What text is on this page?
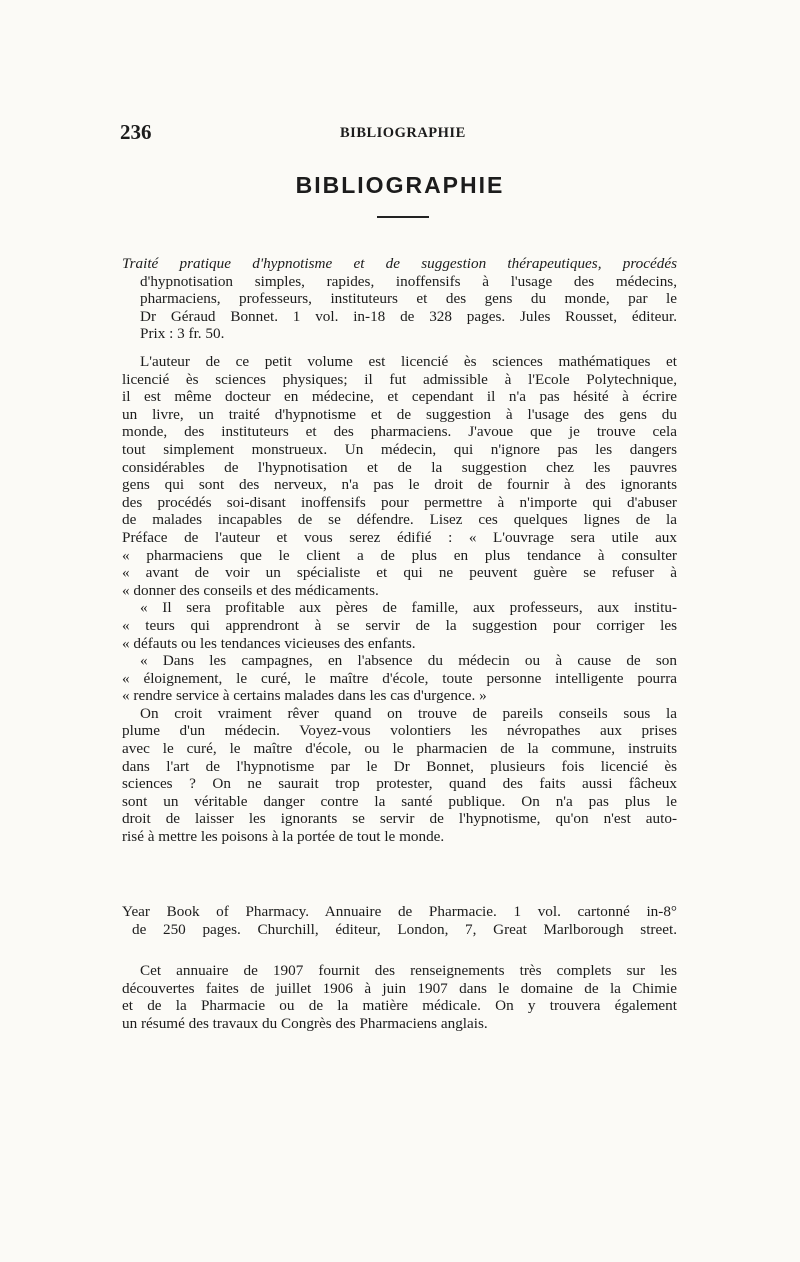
236	BIBLIOGRAPHIE
BIBLIOGRAPHIE
Traité pratique d'hypnotisme et de suggestion thérapeutiques, procédés
d'hypnotisation simples, rapides, inoffensifs à l'usage des médecins,
pharmaciens, professeurs, instituteurs et des gens du monde, par le
Dr Géraud Bonnet. 1 vol. in-18 de 328 pages. Jules Rousset, éditeur.
Prix : 3 fr. 50.
L'auteur de ce petit volume est licencié ès sciences mathématiques et
licencié ès sciences physiques; il fut admissible à l'Ecole Polytechnique,
il est même docteur en médecine, et cependant il n'a pas hésité à écrire
un livre, un traité d'hypnotisme et de suggestion à l'usage des gens du
monde, des instituteurs et des pharmaciens. J'avoue que je trouve cela
tout simplement monstrueux. Un médecin, qui n'ignore pas les dangers
considérables de l'hypnotisation et de la suggestion chez les pauvres
gens qui sont des nerveux, n'a pas le droit de fournir à des ignorants
des procédés soi-disant inoffensifs pour permettre à n'importe qui d'abuser
de malades incapables de se défendre. Lisez ces quelques lignes de la
Préface de l'auteur et vous serez édifié : « L'ouvrage sera utile aux
« pharmaciens que le client a de plus en plus tendance à consulter
« avant de voir un spécialiste et qui ne peuvent guère se refuser à
« donner des conseils et des médicaments.
« Il sera profitable aux pères de famille, aux professeurs, aux institu-
« teurs qui apprendront à se servir de la suggestion pour corriger les
« défauts ou les tendances vicieuses des enfants.
« Dans les campagnes, en l'absence du médecin ou à cause de son
« éloignement, le curé, le maître d'école, toute personne intelligente pourra
« rendre service à certains malades dans les cas d'urgence. »
On croit vraiment rêver quand on trouve de pareils conseils sous la
plume d'un médecin. Voyez-vous volontiers les névropathes aux prises
avec le curé, le maître d'école, ou le pharmacien de la commune, instruits
dans l'art de l'hypnotisme par le Dr Bonnet, plusieurs fois licencié ès
sciences ? On ne saurait trop protester, quand des faits aussi fâcheux
sont un véritable danger contre la santé publique. On n'a pas plus le
droit de laisser les ignorants se servir de l'hypnotisme, qu'on n'est auto-
risé à mettre les poisons à la portée de tout le monde.
Year Book of Pharmacy. Annuaire de Pharmacie. 1 vol. cartonné in-8°
de 250 pages. Churchill, éditeur, London, 7, Great Marlborough street.
Cet annuaire de 1907 fournit des renseignements très complets sur les
découvertes faites de juillet 1906 à juin 1907 dans le domaine de la Chimie
et de la Pharmacie ou de la matière médicale. On y trouvera également
un résumé des travaux du Congrès des Pharmaciens anglais.
